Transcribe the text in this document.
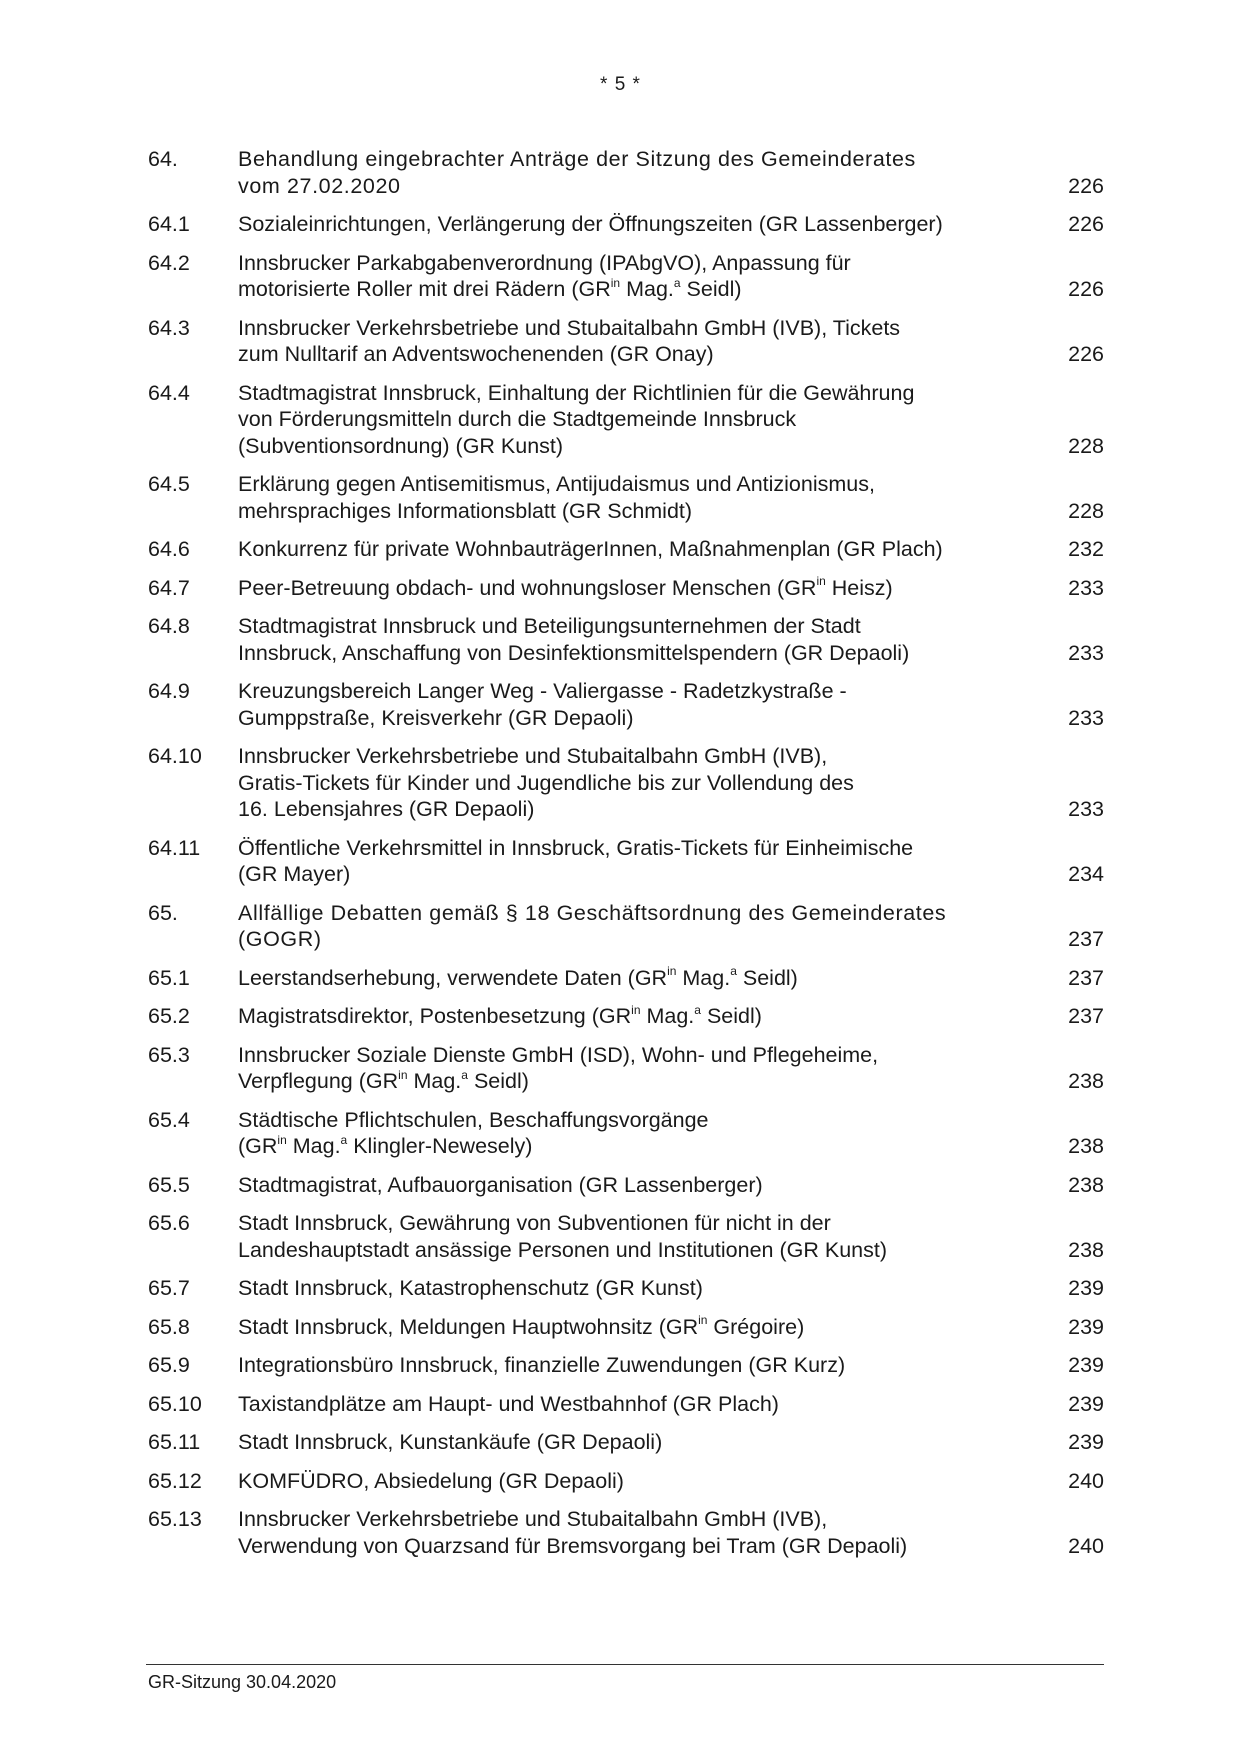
* 5 *
64.	Behandlung eingebrachter Anträge der Sitzung des Gemeinderates
vom 27.02.2020	226
64.1	Sozialeinrichtungen, Verlängerung der Öffnungszeiten (GR Lassenberger)	226
64.2	Innsbrucker Parkabgabenverordnung (IPAbgVO), Anpassung für
motorisierte Roller mit drei Rädern ($GR^{in}$ Mag.$^a$ Seidl)	226
64.3	Innsbrucker Verkehrsbetriebe und Stubaitalbahn GmbH (IVB), Tickets
zum Nulltarif an Adventswochenenden (GR Onay)	226
64.4	Stadtmagistrat Innsbruck, Einhaltung der Richtlinien für die Gewährung
von Förderungsmitteln durch die Stadtgemeinde Innsbruck
(Subventionsordnung) (GR Kunst)	228
64.5	Erklärung gegen Antisemitismus, Antijudaismus und Antizionismus,
mehrsprachiges Informationsblatt (GR Schmidt)	228
64.6	Konkurrenz für private WohnbauträgerInnen, Maßnahmenplan (GR Plach)	232
64.7	Peer-Betreuung obdach- und wohnungsloser Menschen ($GR^{in}$ Heisz)	233
64.8	Stadtmagistrat Innsbruck und Beteiligungsunternehmen der Stadt
Innsbruck, Anschaffung von Desinfektionsmittelspendern (GR Depaoli)	233
64.9	Kreuzungsbereich Langer Weg - Valiergasse - Radetzkystraße -
Gumppstraße, Kreisverkehr (GR Depaoli)	233
64.10	Innsbrucker Verkehrsbetriebe und Stubaitalbahn GmbH (IVB),
Gratis-Tickets für Kinder und Jugendliche bis zur Vollendung des
16. Lebensjahres (GR Depaoli)	233
64.11	Öffentliche Verkehrsmittel in Innsbruck, Gratis-Tickets für Einheimische
(GR Mayer)	234
65.	Allfällige Debatten gemäß § 18 Geschäftsordnung des Gemeinderates
(GOGR)	237
65.1	Leerstandserhebung, verwendete Daten ($GR^{in}$ Mag.$^a$ Seidl)	237
65.2	Magistratsdirektor, Postenbesetzung ($GR^{in}$ Mag.$^a$ Seidl)	237
65.3	Innsbrucker Soziale Dienste GmbH (ISD), Wohn- und Pflegeheime,
Verpflegung ($GR^{in}$ Mag.$^a$ Seidl)	238
65.4	Städtische Pflichtschulen, Beschaffungsvorgänge
($GR^{in}$ Mag.$^a$ Klingler-Newesely)	238
65.5	Stadtmagistrat, Aufbauorganisation (GR Lassenberger)	238
65.6	Stadt Innsbruck, Gewährung von Subventionen für nicht in der
Landeshauptstadt ansässige Personen und Institutionen (GR Kunst)	238
65.7	Stadt Innsbruck, Katastrophenschutz (GR Kunst)	239
65.8	Stadt Innsbruck, Meldungen Hauptwohnsitz ($GR^{in}$ Grégoire)	239
65.9	Integrationsbüro Innsbruck, finanzielle Zuwendungen (GR Kurz)	239
65.10	Taxistandplätze am Haupt- und Westbahnhof (GR Plach)	239
65.11	Stadt Innsbruck, Kunstankäufe (GR Depaoli)	239
65.12	KOMFÜDRO, Absiedelung (GR Depaoli)	240
65.13	Innsbrucker Verkehrsbetriebe und Stubaitalbahn GmbH (IVB),
Verwendung von Quarzsand für Bremsvorgang bei Tram (GR Depaoli)	240
GR-Sitzung 30.04.2020
